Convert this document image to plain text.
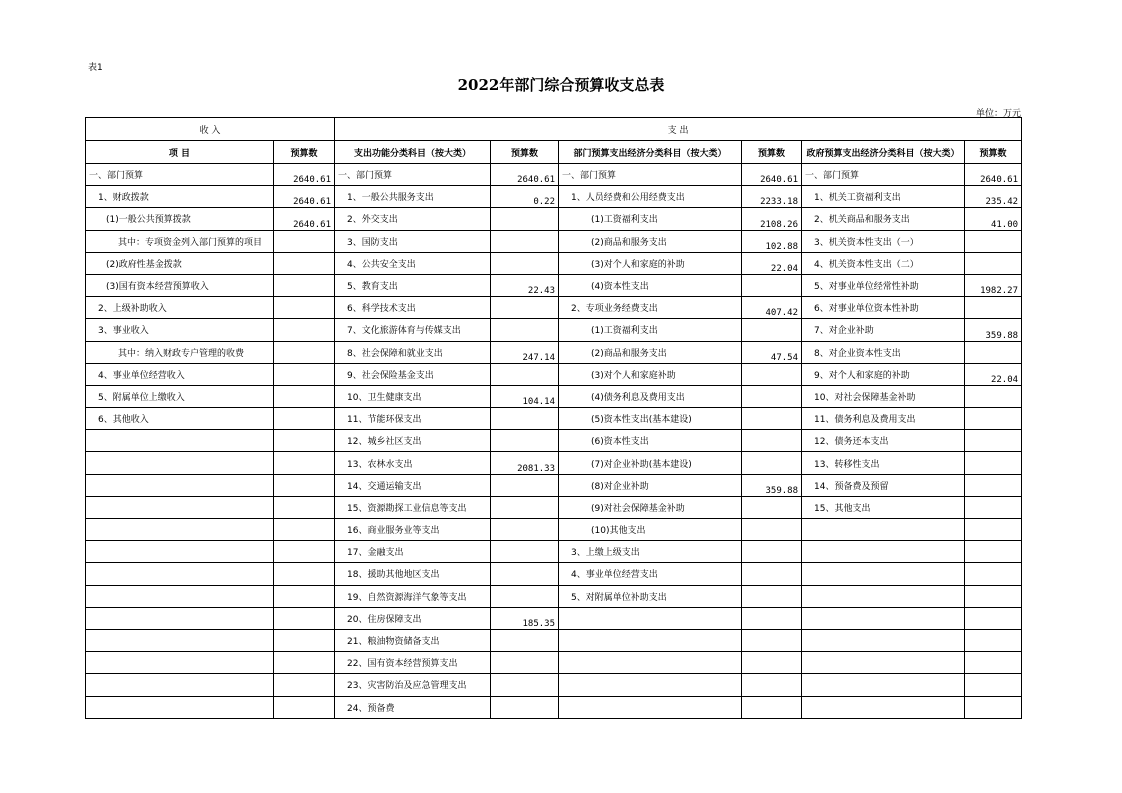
表1
2022年部门综合预算收支总表
单位：万元
收 入		支 出					
项 目	预算数	支出功能分类科目（按大类）	预算数	部门预算支出经济分类科目（按大类）	预算数	政府预算支出经济分类科目（按大类）	预算数
一、部门预算	2640.61	一、部门预算	2640.61	一、部门预算	2640.61	一、部门预算	2640.61
1、财政拨款	2640.61	1、一般公共服务支出	0.22	1、人员经费和公用经费支出	2233.18	1、机关工资福利支出	235.42
(1)一般公共预算拨款	2640.61	2、外交支出		(1)工资福利支出	2108.26	2、机关商品和服务支出	41.00
其中：专项资金列入部门预算的项目		3、国防支出		(2)商品和服务支出	102.88	3、机关资本性支出（一）	
(2)政府性基金拨款		4、公共安全支出		(3)对个人和家庭的补助	22.04	4、机关资本性支出（二）	
(3)国有资本经营预算收入		5、教育支出	22.43	(4)资本性支出		5、对事业单位经常性补助	1982.27
2、上级补助收入		6、科学技术支出		2、专项业务经费支出	407.42	6、对事业单位资本性补助	
3、事业收入		7、文化旅游体育与传媒支出		(1)工资福利支出		7、对企业补助	359.88
其中：纳入财政专户管理的收费		8、社会保障和就业支出	247.14	(2)商品和服务支出	47.54	8、对企业资本性支出	
4、事业单位经营收入		9、社会保险基金支出		(3)对个人和家庭补助		9、对个人和家庭的补助	22.04
5、附属单位上缴收入		10、卫生健康支出	104.14	(4)债务利息及费用支出		10、对社会保障基金补助	
6、其他收入		11、节能环保支出		(5)资本性支出(基本建设)		11、债务利息及费用支出	
		12、城乡社区支出		(6)资本性支出		12、债务还本支出	
		13、农林水支出	2081.33	(7)对企业补助(基本建设)		13、转移性支出	
		14、交通运输支出		(8)对企业补助	359.88	14、预备费及预留	
		15、资源勘探工业信息等支出		(9)对社会保障基金补助		15、其他支出	
		16、商业服务业等支出		(10)其他支出			
		17、金融支出		3、上缴上级支出			
		18、援助其他地区支出		4、事业单位经营支出			
		19、自然资源海洋气象等支出		5、对附属单位补助支出			
		20、住房保障支出	185.35				
		21、粮油物资储备支出					
		22、国有资本经营预算支出					
		23、灾害防治及应急管理支出					
		24、预备费					
